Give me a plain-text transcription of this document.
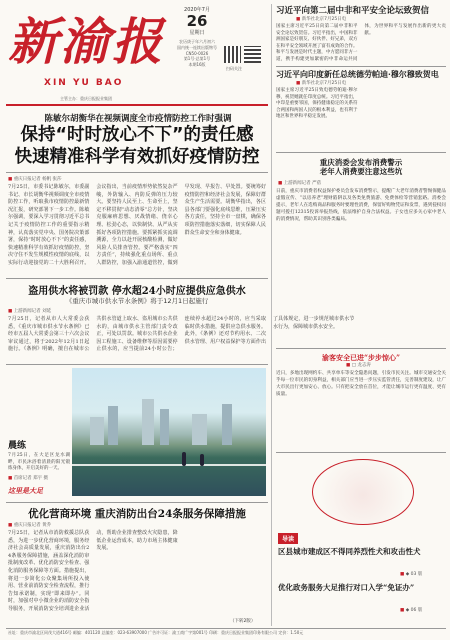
新渝报
XIN YU BAO
2020年7月
26
星期日
农历庚子年六月初六
国内统一连续出版物号
CN50-0026
第1号·总第1号
本期16版
扫码关注
主管主办：重庆日报报业集团
习近平向第二届中非和平安全论坛致贺信
■ 新华社北京7月25日电
国家主席习近平25日向第二届中非和平安全论坛致贺信。习近平指出，中国和非洲国家是好朋友、好伙伴、好兄弟，双方在和平安全领域开展了富有成效的合作。和平与发展是时代主题，中方愿同非方一道，携手构建更加紧密的中非命运共同体，为世界和平与发展作出新的更大贡献。
习近平向印度新任总统德劳帕迪·穆尔穆致贺电
■ 新华社北京7月25日电
国家主席习近平25日致电德劳帕迪·穆尔穆，祝贺她就任印度总统。习近平指出，中印是重要邻国，保持健康稳定的关系符合两国和两国人民的根本利益，也有利于地区和世界和平稳定发展。
重庆消委会发布消费警示
老年人消费要注意这些坑
■ 上游新闻记者 严蓓
日前，重庆市消费者权益保护委员会发布消费警示，提醒广大老年消费者警惕保健品虚假宣传、“以房养老”理财陷阱以及各类免费旅游、免费体检等营销套路。消委会提示，老年人在选购商品和服务时要理性消费，保留好购物凭证和发票，遇到侵权问题可拨打12315投诉举报热线，依法维护自身合法权益。子女也应多关心家中老人的消费情况，帮助其识别各类骗局。
渝客安全已进“步步惊心”
■ □ 龙志涛
近日，多地出现网约车、共享单车等安全隐患问题，引发市民关注。城市交通安全关乎每一位市民的切身利益，相关部门应当进一步压实监管责任，完善制度建设，让广大市民出行更加安心、放心。只有把安全放在首位，才能让城市运行更有温度、更有质量。
导读
区县城市建成区不得同养烈性犬和攻击性犬
■ ◆ 03 版
优化政务服务大足推行对口入学“免证办”
■ ◆ 06 版
陈敏尔胡衡华在视频调度全市疫情防控工作时强调
保持“时时放心不下”的责任感
快速精准科学有效抓好疫情防控
■ 重庆日报记者 杨帆 张莎
7月25日，市委书记陈敏尔，市委副书记、市长胡衡华视频调度全市疫情防控工作，听取我市疫情防控最新情况汇报，研究部署下一步工作。陈敏尔强调，要深入学习贯彻习近平总书记关于疫情防控工作的重要指示精神，认真落实党中央、国务院决策部署，保持“时时放心不下”的责任感，快速精准科学有效抓好疫情防控，坚决守住不发生规模性疫情的底线，以实际行动迎接党的二十大胜利召开。会议指出，当前疫情形势依然复杂严峻，外防输入、内防反弹的压力较大。要坚持人民至上、生命至上，坚定不移贯彻“动态清零”总方针，坚决克服麻痹思想、厌战情绪、侥幸心理、松劲心态，以快制快、从严从实抓好各项防控措施。要抓紧抓实流调溯源，全力以赴开展核酸检测，做好风险人员排查管控。要严格落实“四方责任”，持续强化重点场所、重点人群防控，加强入渝通道管控，做到早发现、早报告、早处置。要统筹好疫情防控和经济社会发展，保障好群众生产生活需要。胡衡华指出，各区县各部门要强化底线思维，压紧压实各方责任，坚持全市一盘棋，确保各项防控措施落实落细，切实保障人民群众生命安全和身体健康。
盗用供水将被罚款 停水超24小时应提供应急供水
《重庆市城市供水节水条例》将于12月1日起施行
■ 上游新闻记者 刘延
7月25日，记者从市人大常委会获悉，《重庆市城市供水节水条例》已经市五届人大常委会第三十六次会议审议通过，将于2022年12月1日起施行。《条例》明确，擅自在城市公共供水管道上取水、盗用城市公共供水的，由城市供水主管部门责令改正，可处以罚款。城市公共供水企业因工程施工、设备维修等原因需要停止供水的，应当提前24小时公告；连续停水超过24小时的，应当采取临时供水措施，提供应急供水服务。此外，《条例》还对节约用水、二次供水管理、用户权益保护等方面作出了具体规定，进一步规范城市供水节水行为，保障城市供水安全。
晨练
7月25日，在大足区龙水湖畔，市民沐浴着清晨的阳光锻炼身体，开启美好的一天。
■ 首席记者 郑宇 摄
这里是大足
优化营商环境 重庆消防出台24条服务保障措施
■ 重庆日报记者 黄乔
7月25日，记者从市消防救援总队获悉，为进一步优化营商环境，服务经济社会高质量发展，重庆消防出台24条服务保障措施，涵盖深化消防审批制度改革、优化消防安全检查、强化消防服务保障等方面。措施提出，将进一步简化公众聚集场所投入使用、营业前消防安全检查流程，推行告知承诺制，实现“即来即办”。同时，加强对中小微企业的消防安全指导服务，开展消防安全培训进企业活动，帮助企业排查整改火灾隐患，降低企业运营成本，助力市场主体健康发展。
（下转2版）
社址：重庆市渝北区同茂大道416号 邮编：401120 总编室：023-63907000 广告许可证：渝工商广字第001号 印刷：重庆日报报业集团印务有限公司 定价：1.50元
